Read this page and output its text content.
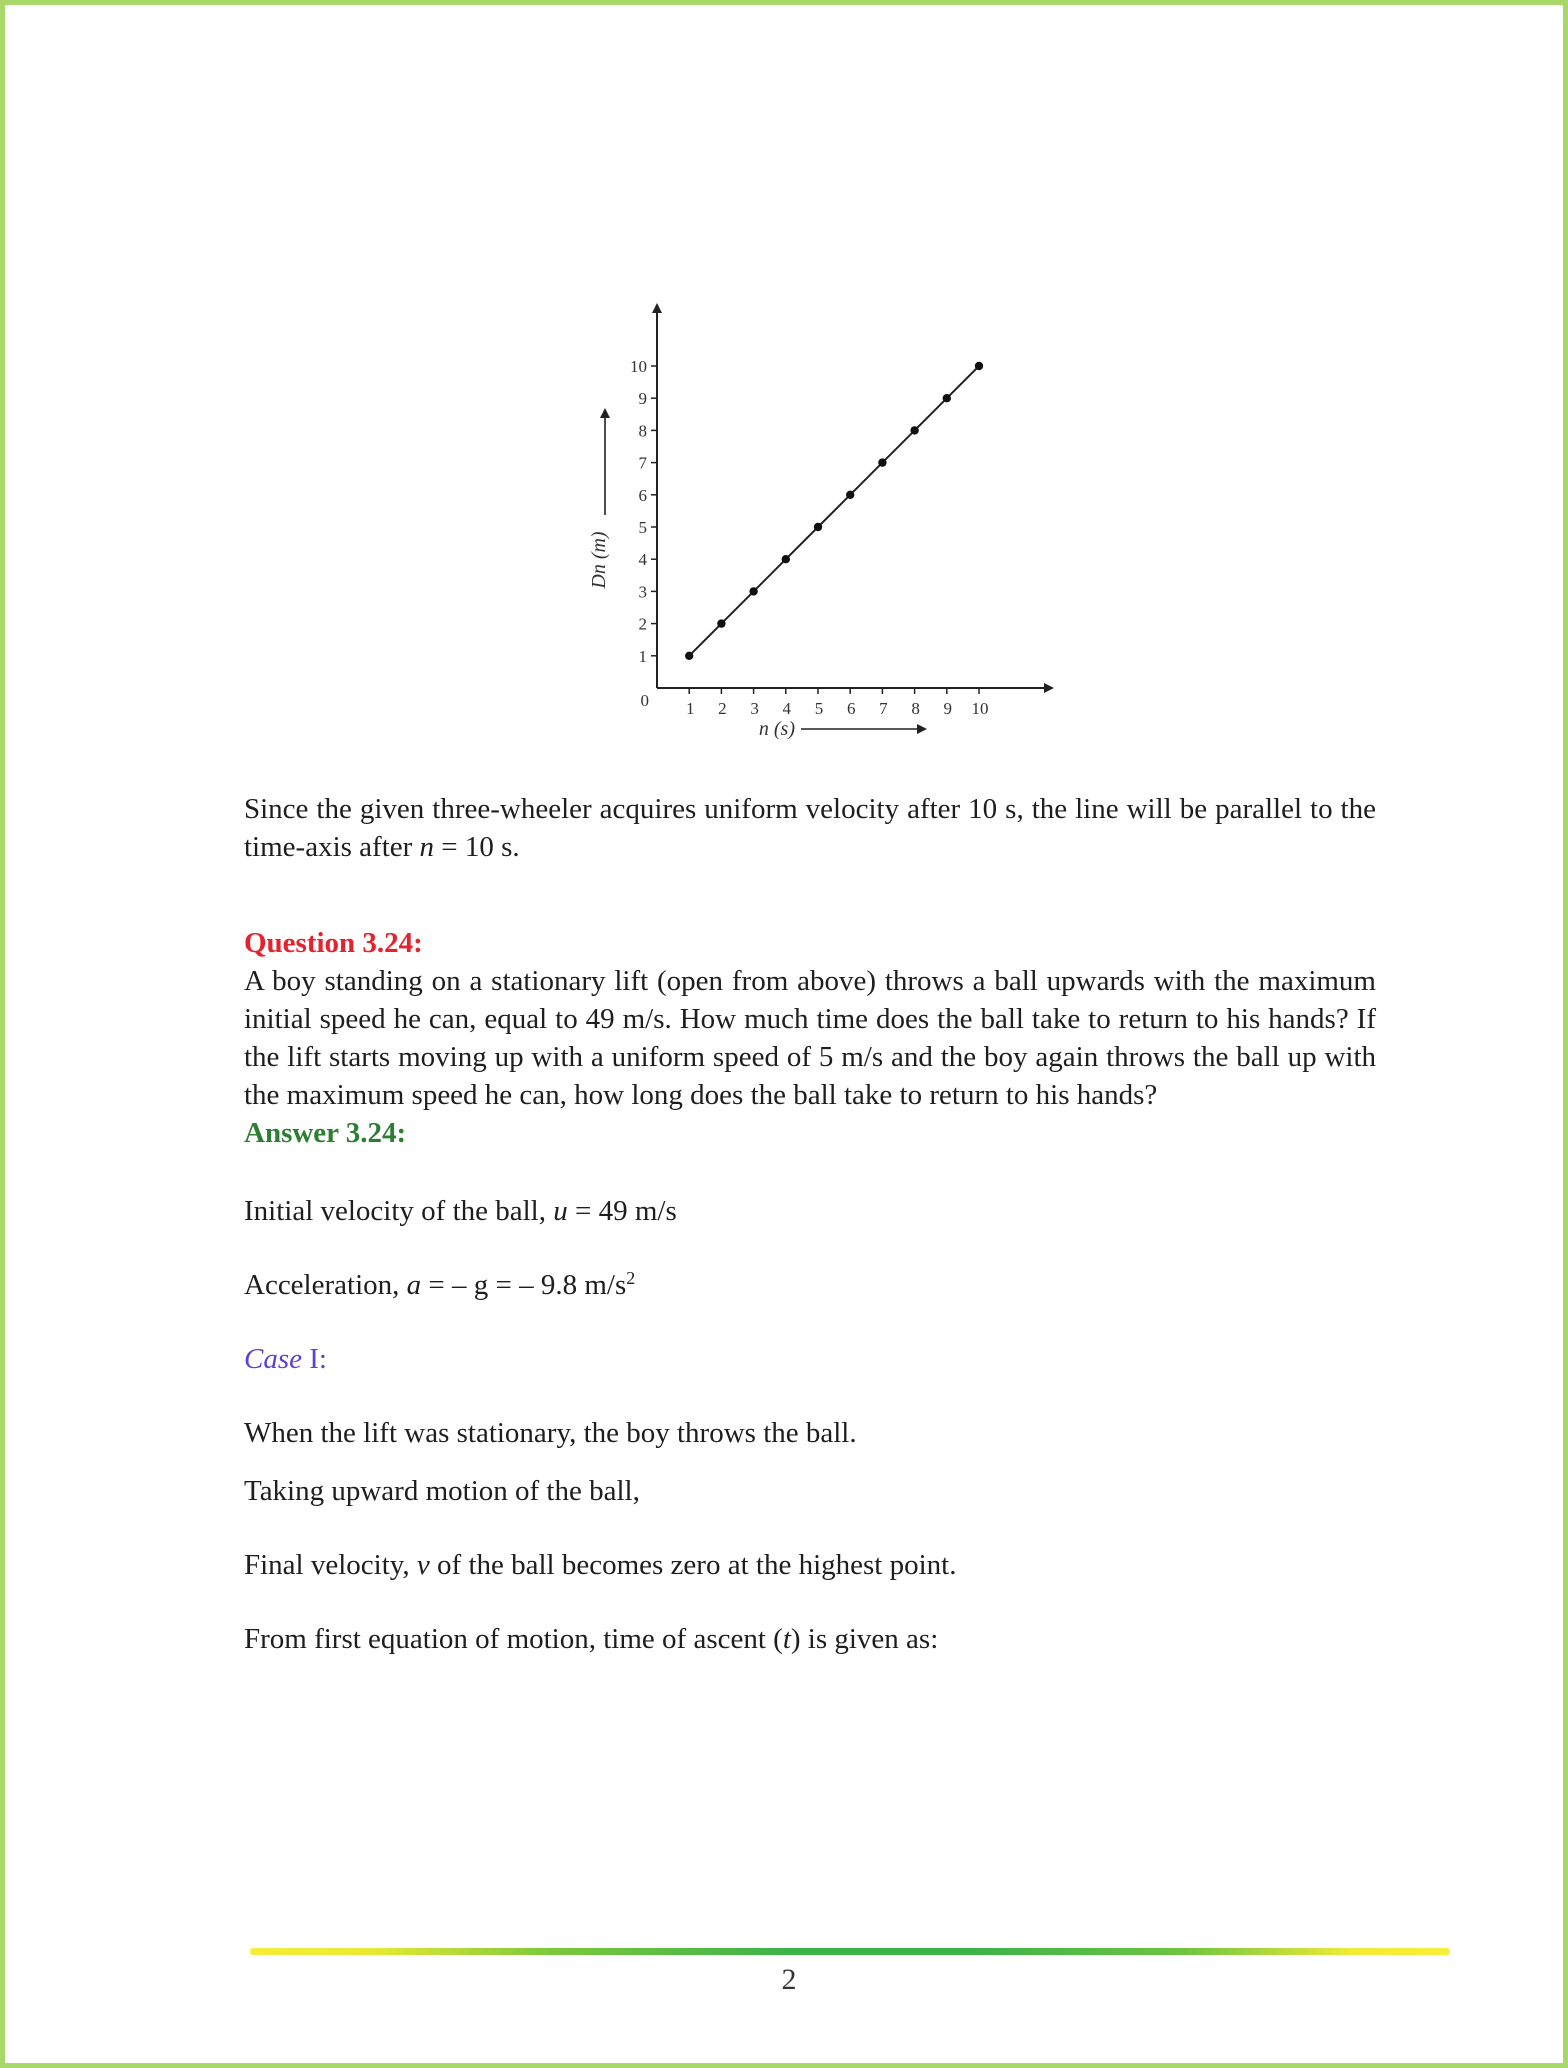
0 1 2 3 4 5 6 7 8 9 10
1
2
3
4
5
6
7
8
9
10
Dn (m)
n (s)

Since the given three-wheeler acquires uniform velocity after 10 s, the line will be parallel to the time-axis after n = 10 s.

Question 3.24:

A boy standing on a stationary lift (open from above) throws a ball upwards with the maximum initial speed he can, equal to 49 m/s. How much time does the ball take to return to his hands? If the lift starts moving up with a uniform speed of 5 m/s and the boy again throws the ball up with the maximum speed he can, how long does the ball take to return to his hands?

Answer 3.24:

Initial velocity of the ball, u = 49 m/s

Acceleration, a = – g = – 9.8 $m/s^2$

Case I:

When the lift was stationary, the boy throws the ball.

Taking upward motion of the ball,

Final velocity, v of the ball becomes zero at the highest point.

From first equation of motion, time of ascent (t) is given as:

2
